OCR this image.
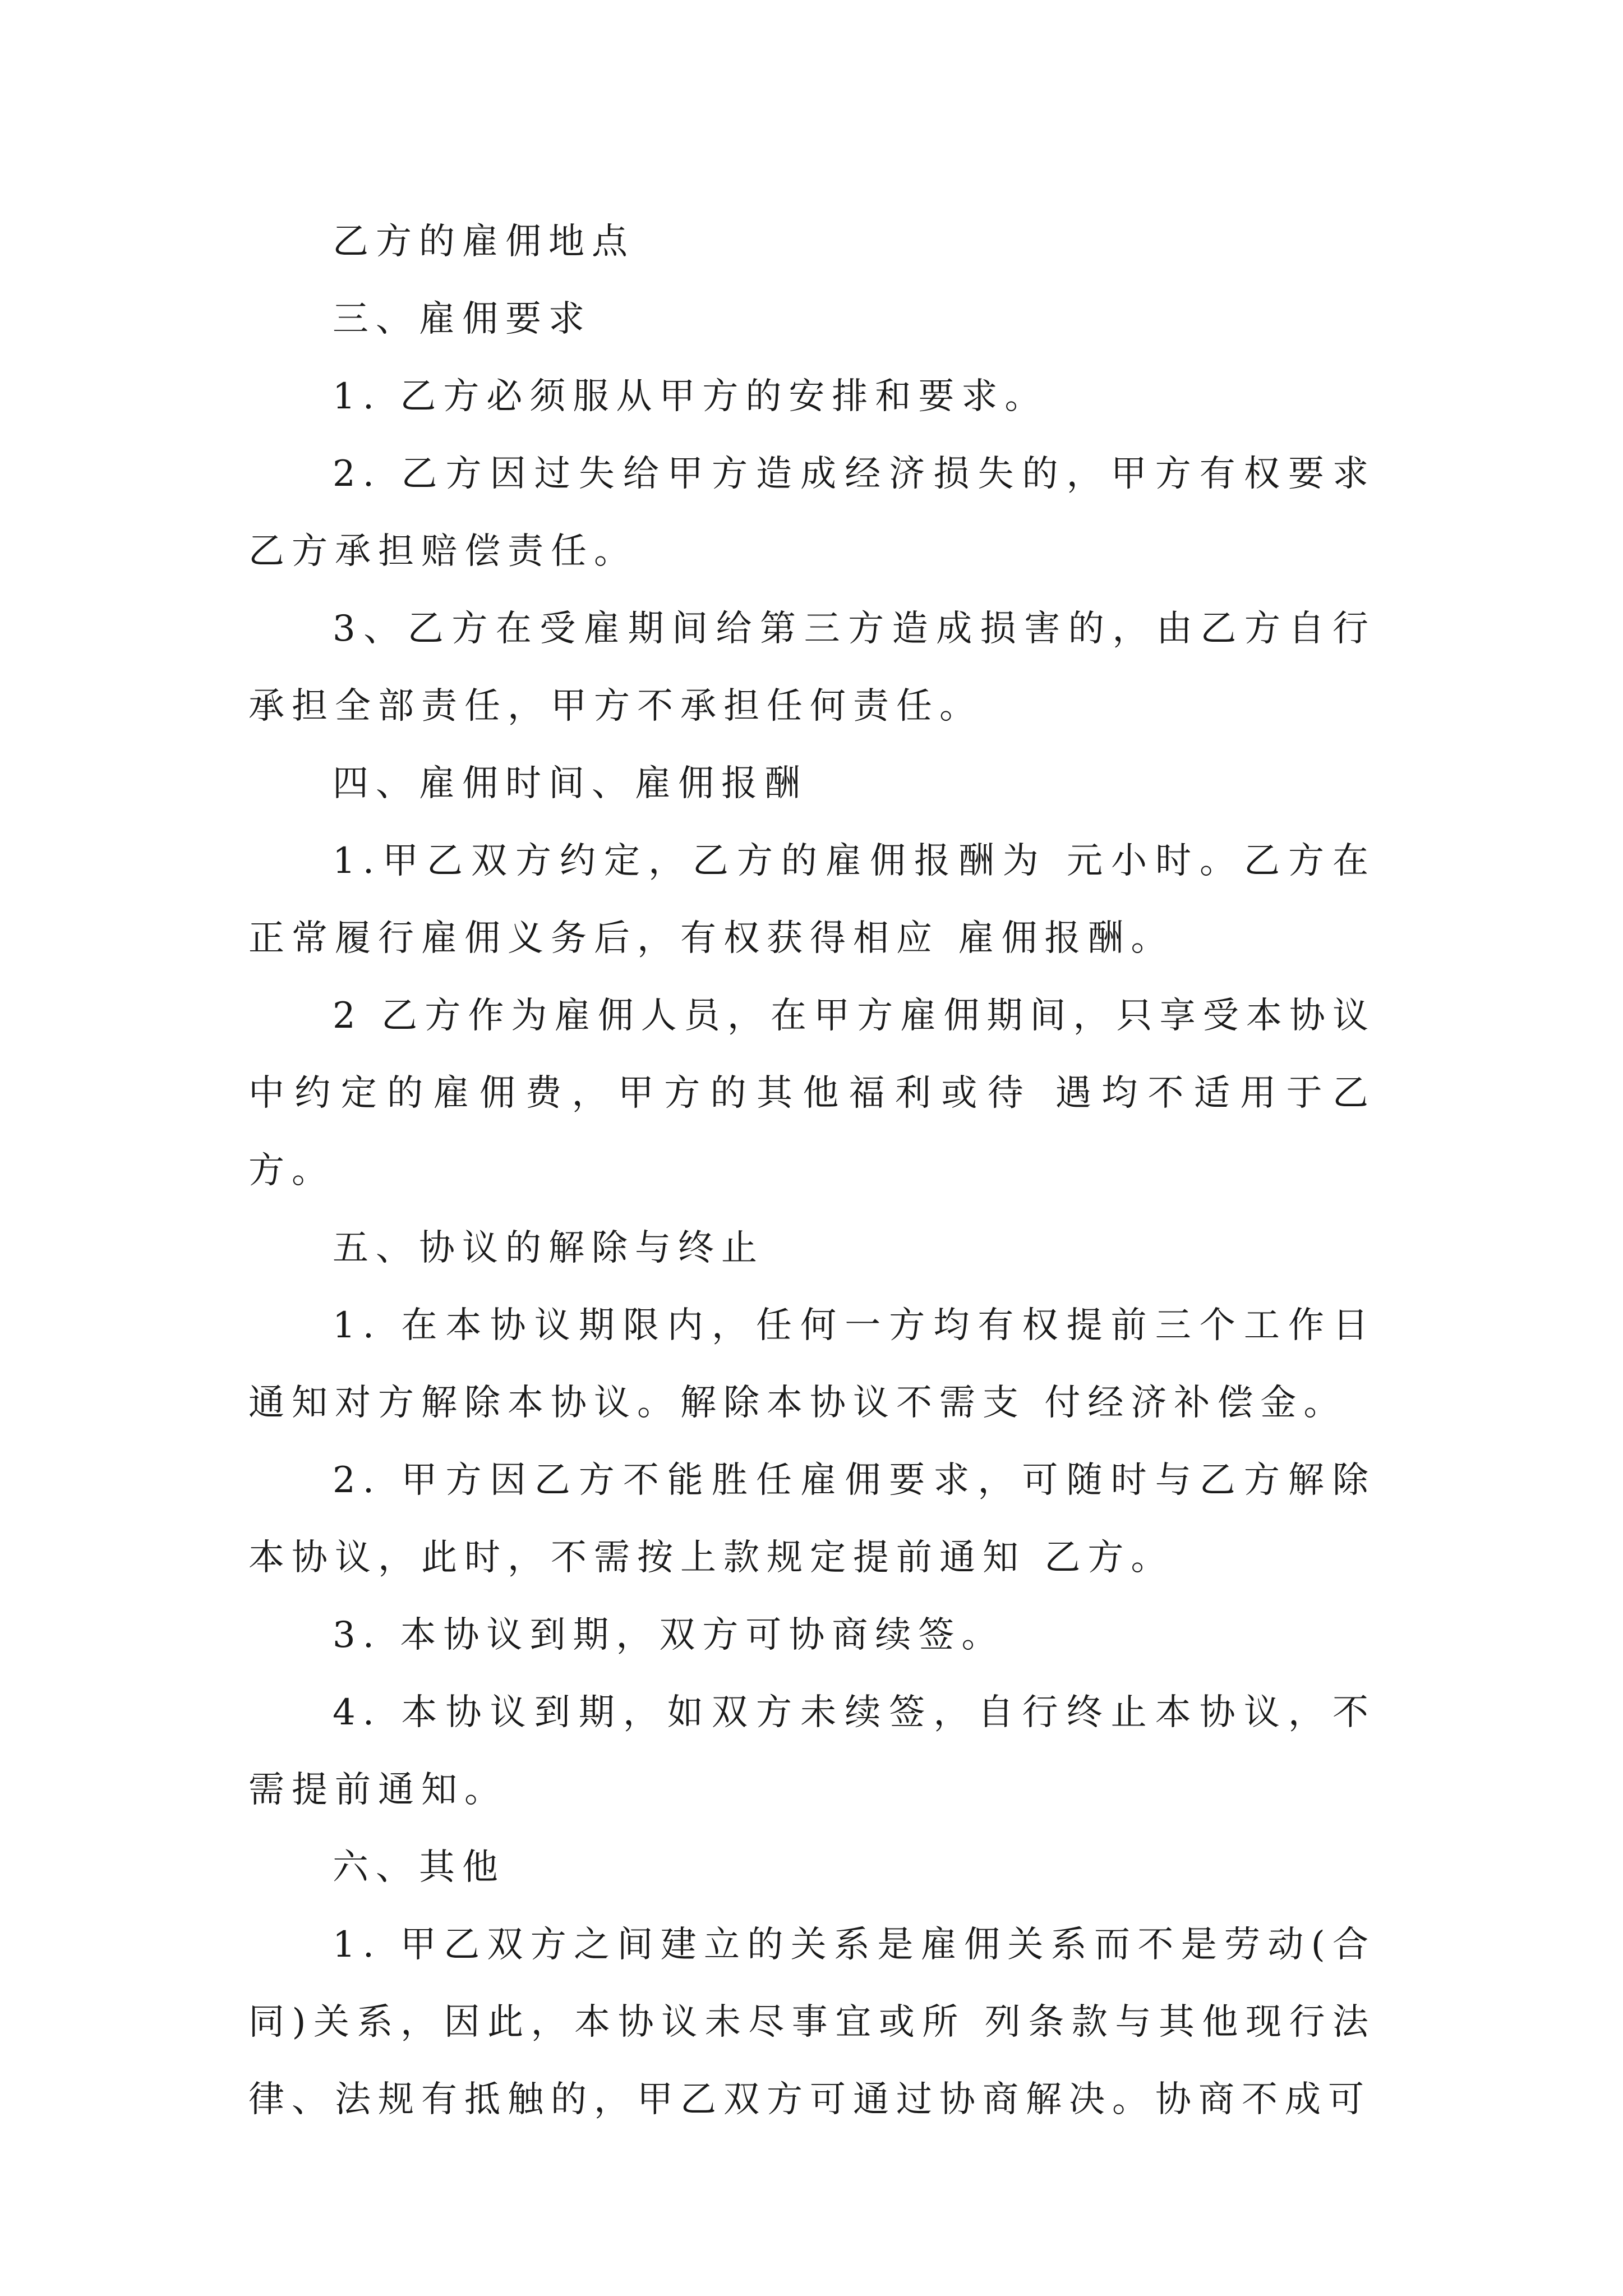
乙方的雇佣地点

三、雇佣要求

1. 乙方必须服从甲方的安排和要求。

2. 乙方因过失给甲方造成经济损失的，甲方有权要求乙方承担赔偿责任。

3、乙方在受雇期间给第三方造成损害的，由乙方自行承担全部责任，甲方不承担任何责任。

四、雇佣时间、雇佣报酬

1.甲乙双方约定，乙方的雇佣报酬为 元小时。乙方在正常履行雇佣义务后，有权获得相应 雇佣报酬。

2 乙方作为雇佣人员，在甲方雇佣期间，只享受本协议中约定的雇佣费，甲方的其他福利或待 遇均不适用于乙方。

五、协议的解除与终止

1. 在本协议期限内，任何一方均有权提前三个工作日通知对方解除本协议。解除本协议不需支 付经济补偿金。

2. 甲方因乙方不能胜任雇佣要求，可随时与乙方解除本协议，此时，不需按上款规定提前通知 乙方。

3. 本协议到期，双方可协商续签。

4. 本协议到期，如双方未续签，自行终止本协议，不需提前通知。

六、其他

1. 甲乙双方之间建立的关系是雇佣关系而不是劳动(合同)关系，因此，本协议未尽事宜或所 列条款与其他现行法律、法规有抵触的，甲乙双方可通过协商解决。协商不成可
